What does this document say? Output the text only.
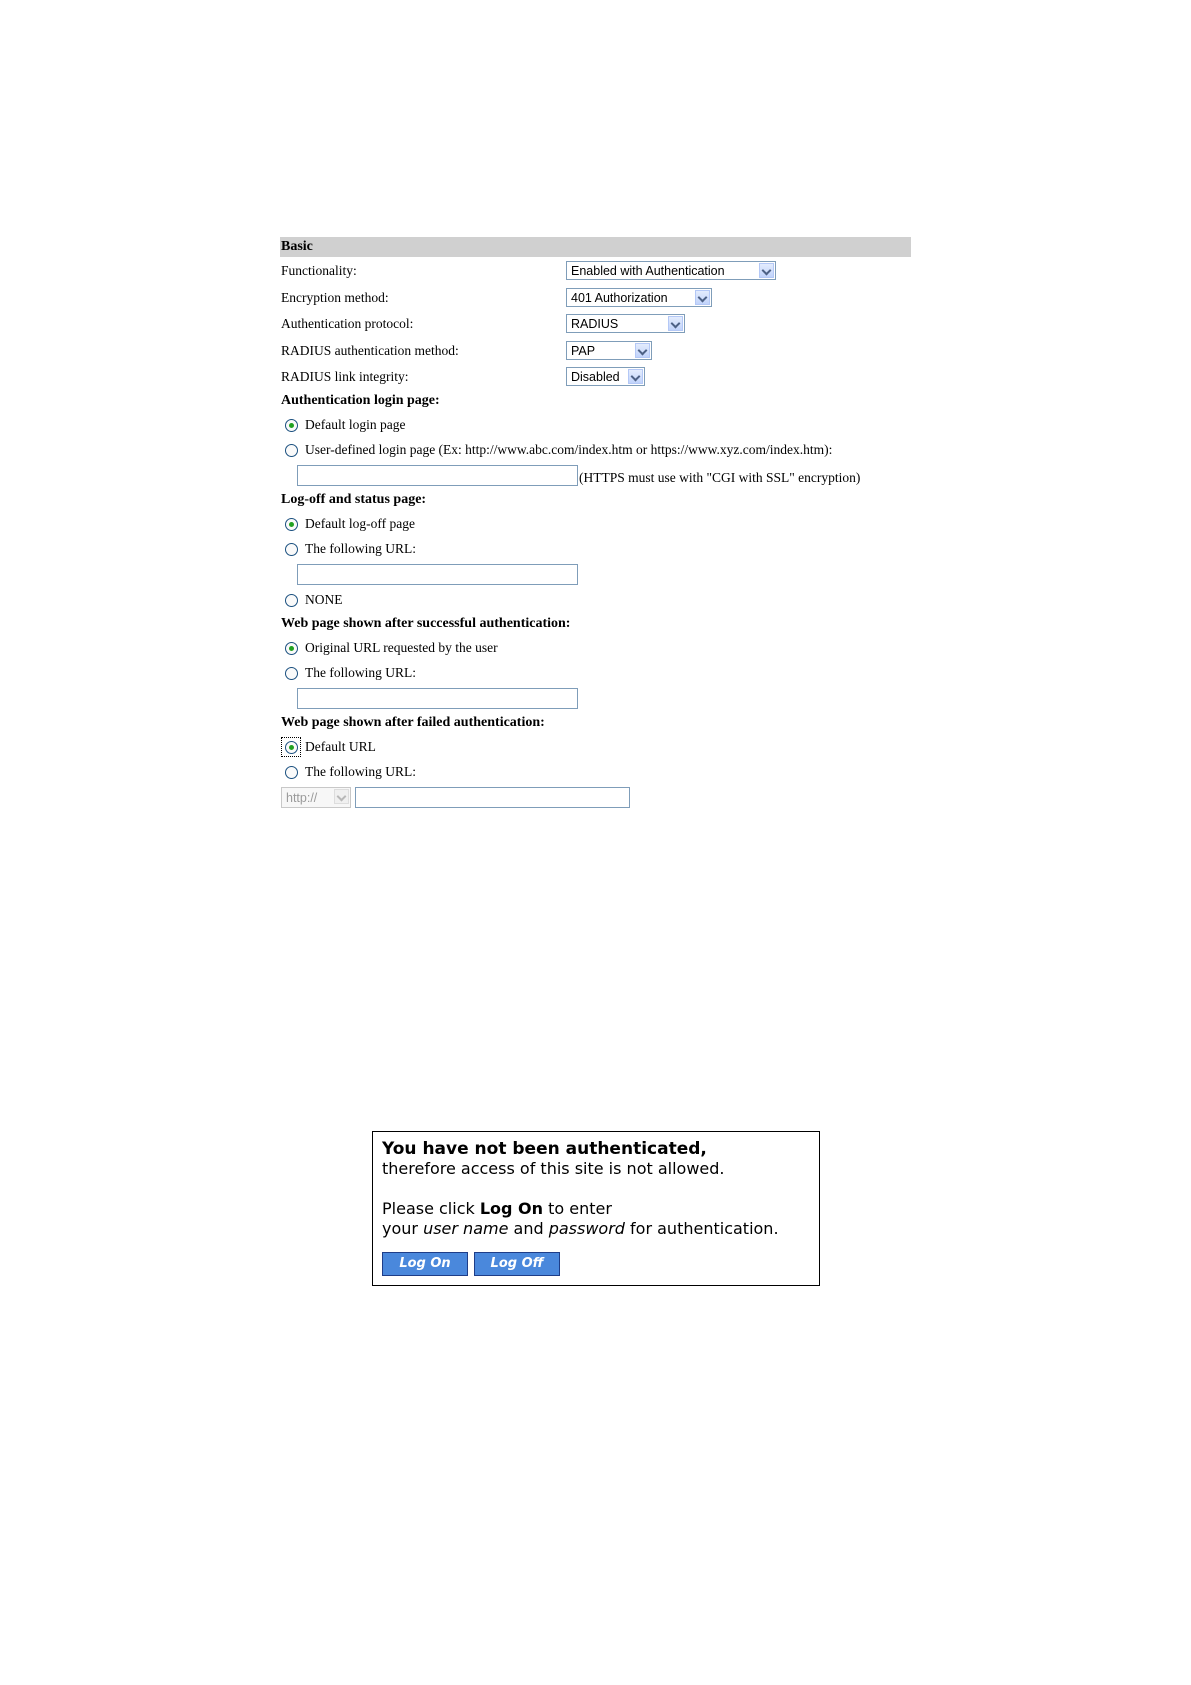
Basic
Functionality:	Enabled with Authentication
Encryption method:	401 Authorization
Authentication protocol:	RADIUS
RADIUS authentication method:	PAP
RADIUS link integrity:	Disabled
Authentication login page:
Default login page
User-defined login page (Ex: http://www.abc.com/index.htm or https://www.xyz.com/index.htm):
(HTTPS must use with "CGI with SSL" encryption)
Log-off and status page:
Default log-off page
The following URL:
NONE
Web page shown after successful authentication:
Original URL requested by the user
The following URL:
Web page shown after failed authentication:
Default URL
The following URL:
http://
You have not been authenticated,
therefore access of this site is not allowed.
Please click Log On to enter
your user name and password for authentication.
Log On	Log Off
